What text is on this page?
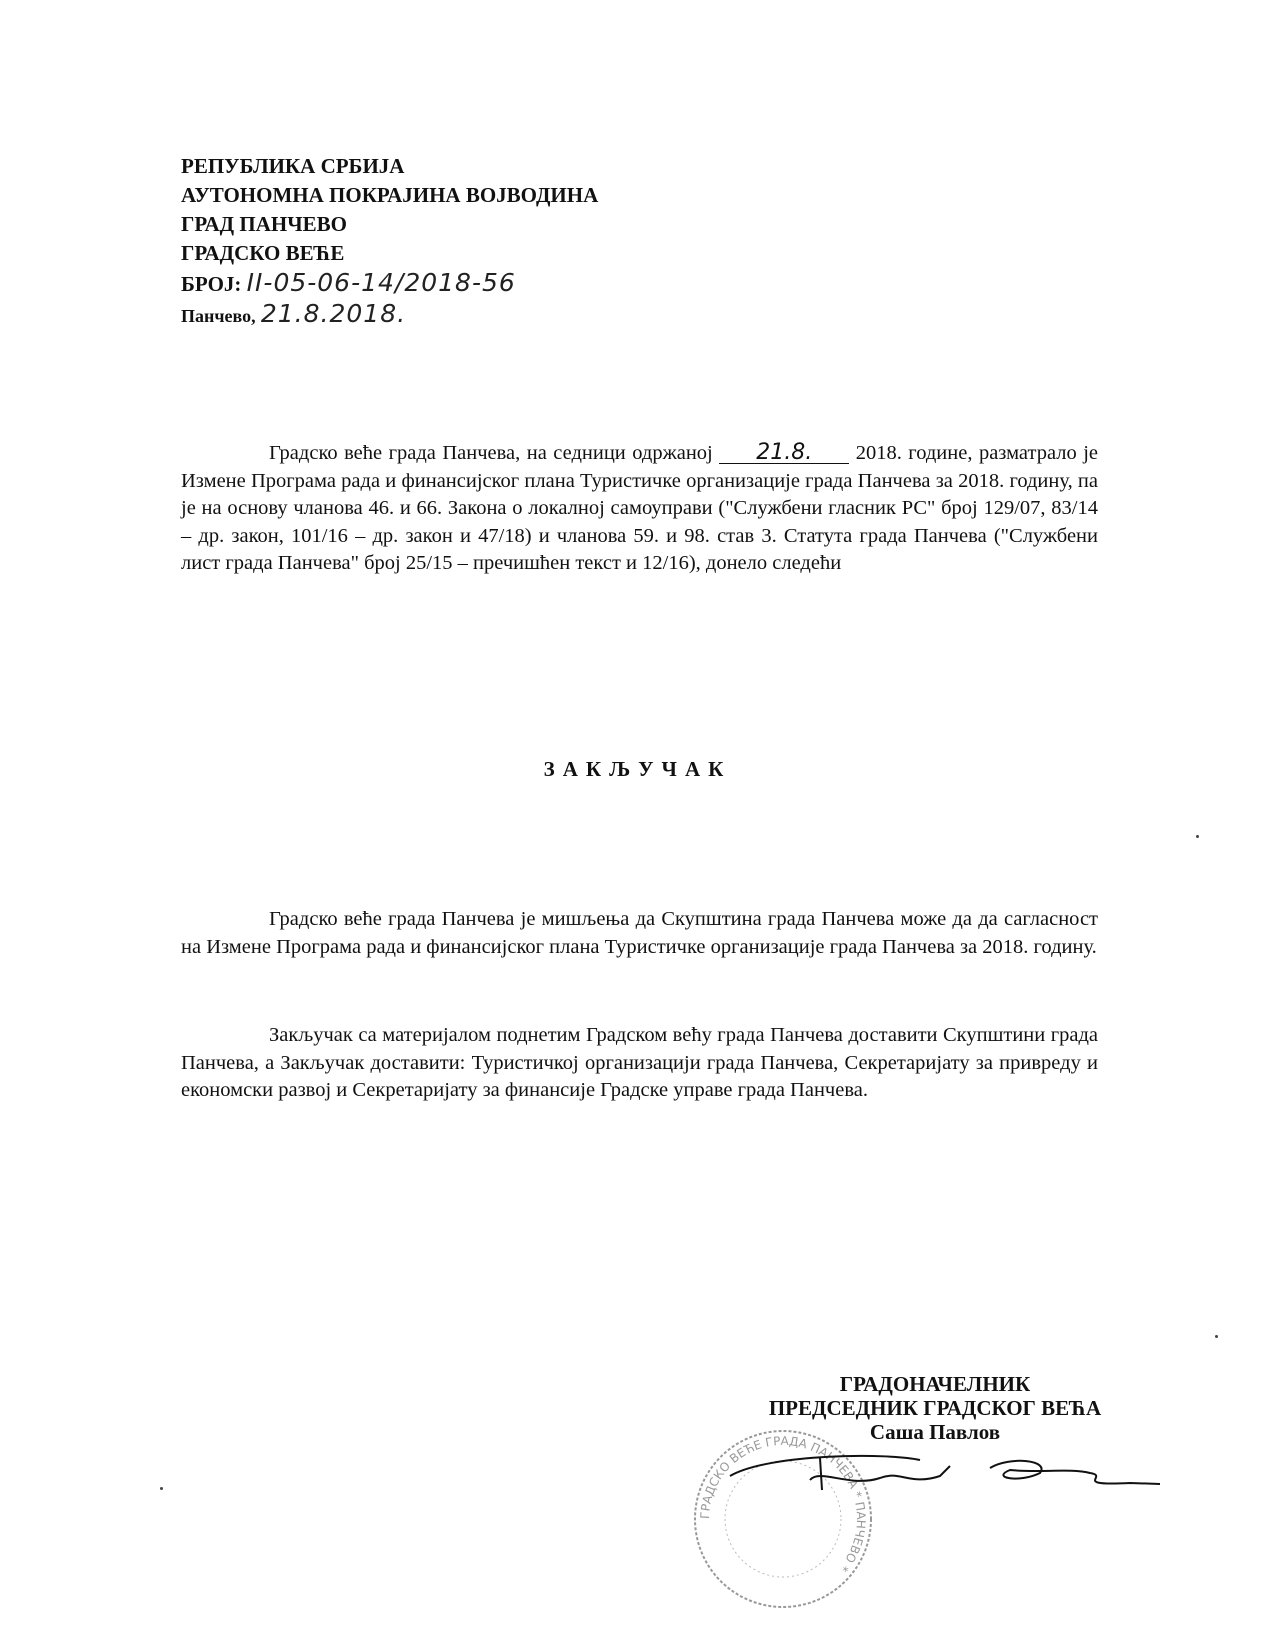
РЕПУБЛИКА СРБИЈА
АУТОНОМНА ПОКРАЈИНА ВОЈВОДИНА
ГРАД ПАНЧЕВО
ГРАДСКО ВЕЋЕ
БРОЈ: II-05-06-14/2018-56
Панчево, 21.8.2018.
Градско веће града Панчева, на седници одржаној 21.8. 2018. године, разматрало је Измене Програма рада и финансијског плана Туристичке организације града Панчева за 2018. годину, па је на основу чланова 46. и 66. Закона о локалној самоуправи ("Службени гласник РС" број 129/07, 83/14 – др. закон, 101/16 – др. закон и 47/18) и чланова 59. и 98. став 3. Статута града Панчева ("Службени лист града Панчева" број 25/15 – пречишћен текст и 12/16), донело следећи
ЗАКЉУЧАК
Градско веће града Панчева је мишљења да Скупштина града Панчева може да да сагласност на Измене Програма рада и финансијског плана Туристичке организације града Панчева за 2018. годину.
Закључак са материјалом поднетим Градском већу града Панчева доставити Скупштини града Панчева, а Закључак доставити: Туристичкој организацији града Панчева, Секретаријату за привреду и економски развој и Секретаријату за финансије Градске управе града Панчева.
ГРАДСКО ВЕЋЕ ГРАДА ПАНЧЕВА * ПАНЧЕВО *
ГРАДОНАЧЕЛНИК
ПРЕДСЕДНИК ГРАДСКОГ ВЕЋА
Саша Павлов
